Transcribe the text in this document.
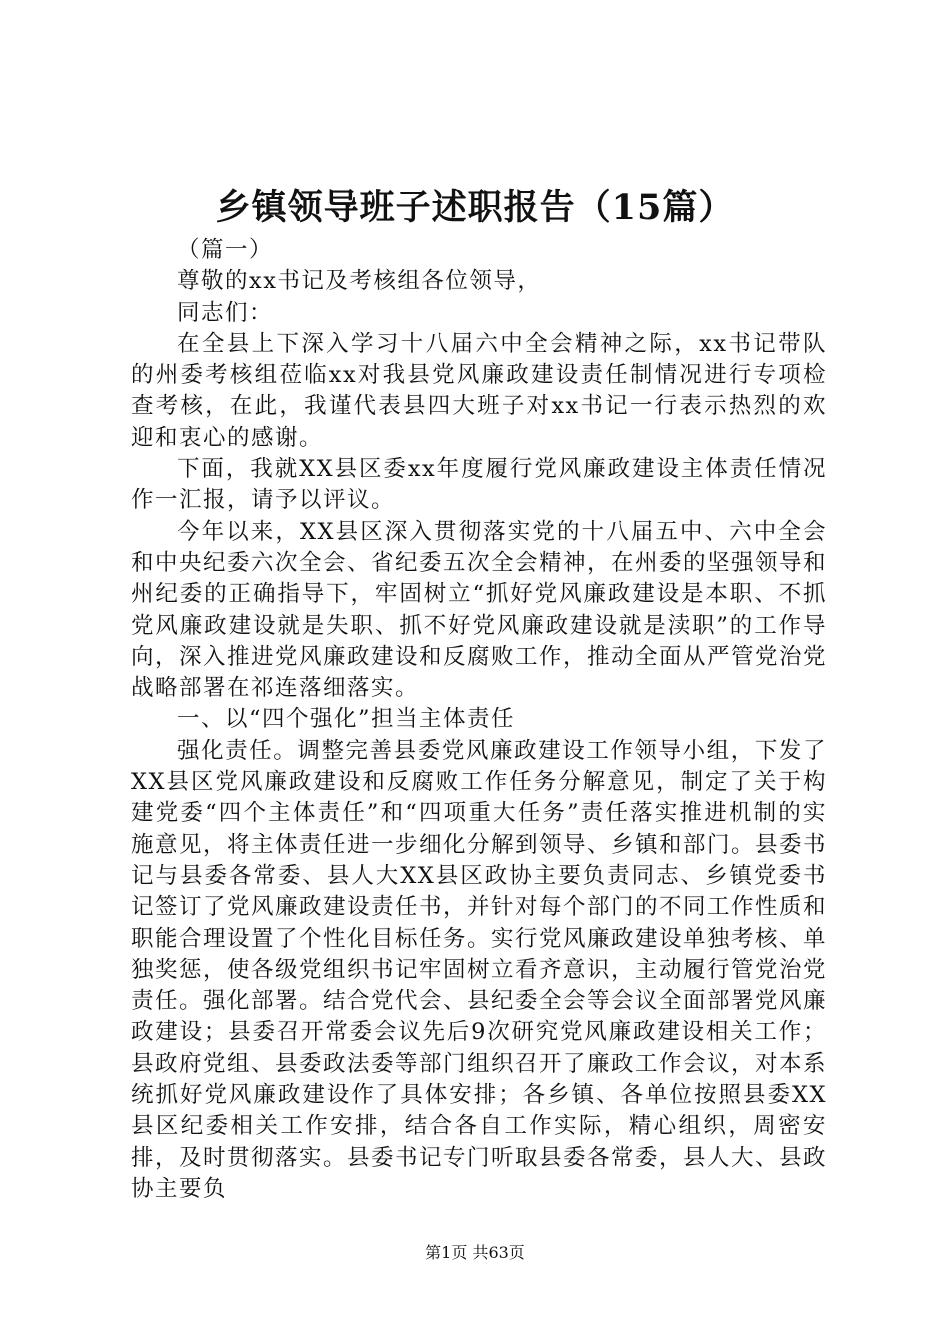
乡镇领导班子述职报告（15篇）

（篇一）

尊敬的xx书记及考核组各位领导，

同志们：

在全县上下深入学习十八届六中全会精神之际，xx书记带队的州委考核组莅临xx对我县党风廉政建设责任制情况进行专项检查考核，在此，我谨代表县四大班子对xx书记一行表示热烈的欢迎和衷心的感谢。

下面，我就XX县区委xx年度履行党风廉政建设主体责任情况作一汇报，请予以评议。

今年以来，XX县区深入贯彻落实党的十八届五中、六中全会和中央纪委六次全会、省纪委五次全会精神，在州委的坚强领导和州纪委的正确指导下，牢固树立“抓好党风廉政建设是本职、不抓党风廉政建设就是失职、抓不好党风廉政建设就是渎职”的工作导向，深入推进党风廉政建设和反腐败工作，推动全面从严管党治党战略部署在祁连落细落实。

一、以“四个强化”担当主体责任

强化责任。调整完善县委党风廉政建设工作领导小组，下发了XX县区党风廉政建设和反腐败工作任务分解意见，制定了关于构建党委“四个主体责任”和“四项重大任务”责任落实推进机制的实施意见，将主体责任进一步细化分解到领导、乡镇和部门。县委书记与县委各常委、县人大XX县区政协主要负责同志、乡镇党委书记签订了党风廉政建设责任书，并针对每个部门的不同工作性质和职能合理设置了个性化目标任务。实行党风廉政建设单独考核、单独奖惩，使各级党组织书记牢固树立看齐意识，主动履行管党治党责任。强化部署。结合党代会、县纪委全会等会议全面部署党风廉政建设；县委召开常委会议先后9次研究党风廉政建设相关工作；县政府党组、县委政法委等部门组织召开了廉政工作会议，对本系统抓好党风廉政建设作了具体安排；各乡镇、各单位按照县委XX县区纪委相关工作安排，结合各自工作实际，精心组织，周密安排，及时贯彻落实。县委书记专门听取县委各常委，县人大、县政协主要负

第1页 共63页
